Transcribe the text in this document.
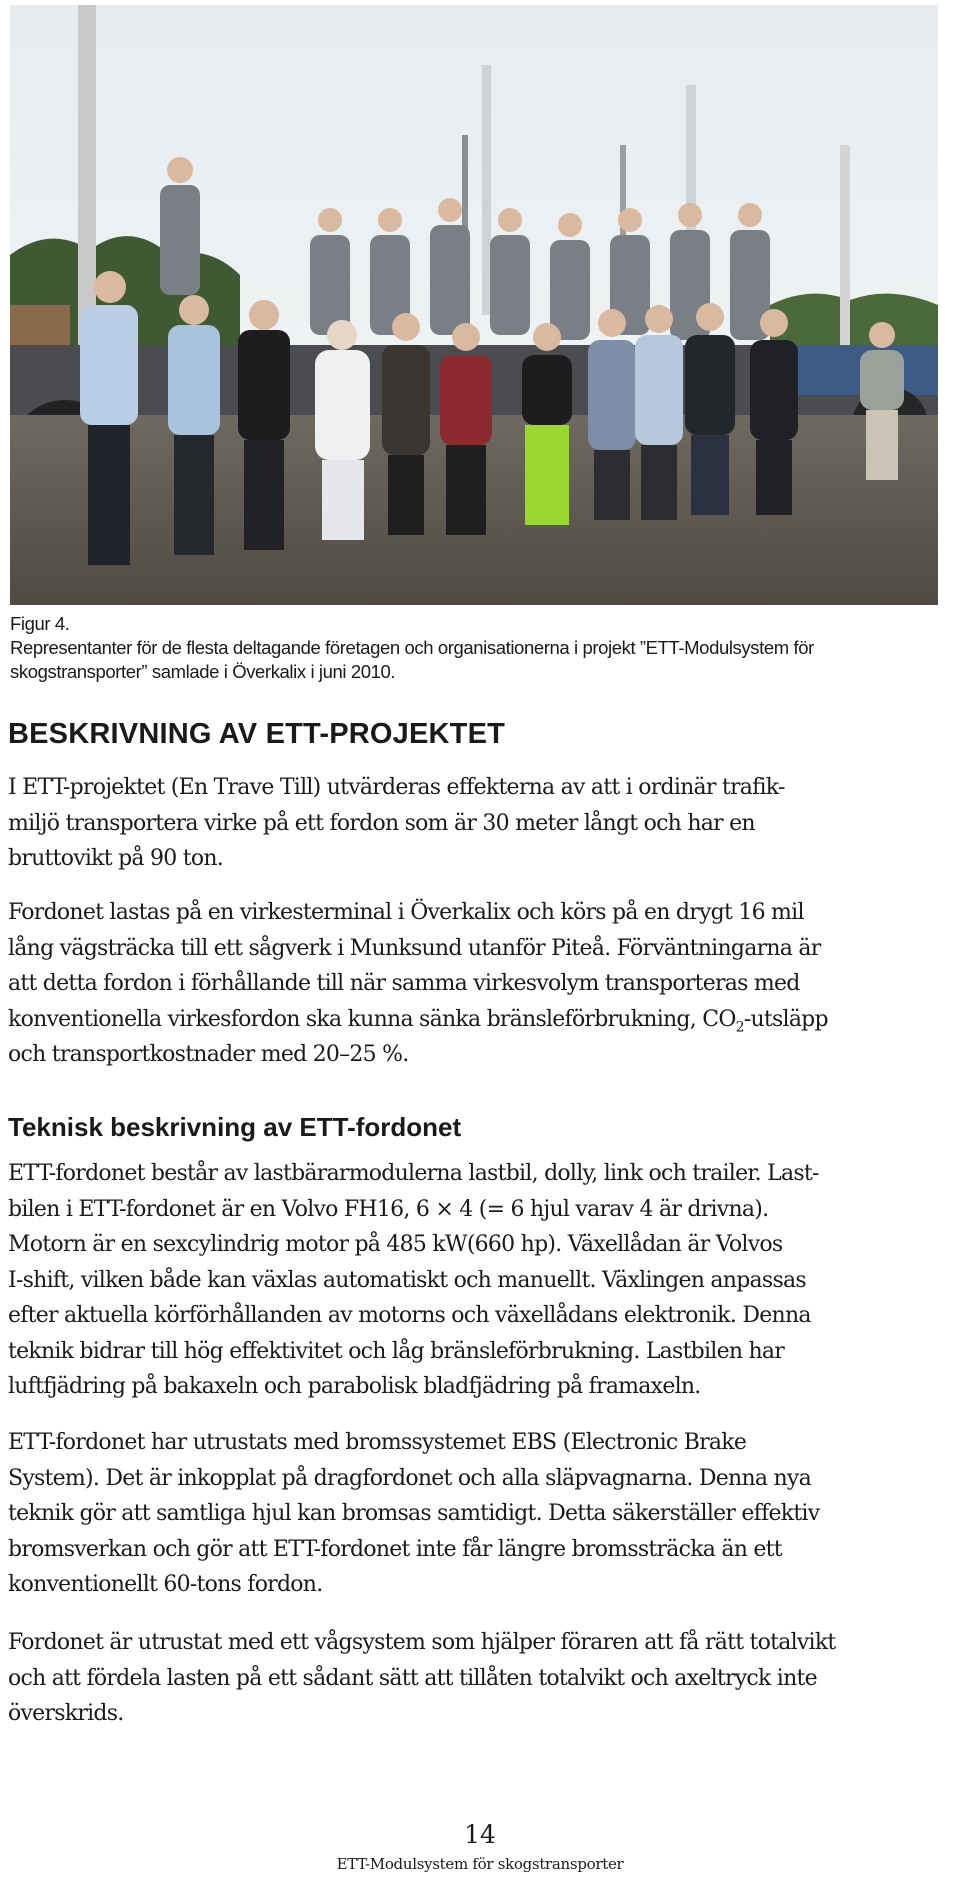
Figur 4.
Representanter för de flesta deltagande företagen och organisationerna i projekt ”ETT-Modulsystem för
skogstransporter” samlade i Överkalix i juni 2010.
BESKRIVNING AV ETT-PROJEKTET
I ETT-projektet (En Trave Till) utvärderas effekterna av att i ordinär trafik-
miljö transportera virke på ett fordon som är 30 meter långt och har en
bruttovikt på 90 ton.
Fordonet lastas på en virkesterminal i Överkalix och körs på en drygt 16 mil
lång vägsträcka till ett sågverk i Munksund utanför Piteå. Förväntningarna är
att detta fordon i förhållande till när samma virkesvolym transporteras med
konventionella virkesfordon ska kunna sänka bränsleförbrukning, $CO_2$-utsläpp
och transportkostnader med 20–25 %.
Teknisk beskrivning av ETT-fordonet
ETT-fordonet består av lastbärarmodulerna lastbil, dolly, link och trailer. Last-
bilen i ETT-fordonet är en Volvo FH16, 6 × 4 (= 6 hjul varav 4 är drivna).
Motorn är en sexcylindrig motor på 485 kW(660 hp). Växellådan är Volvos
I-shift, vilken både kan växlas automatiskt och manuellt. Växlingen anpassas
efter aktuella körförhållanden av motorns och växellådans elektronik. Denna
teknik bidrar till hög effektivitet och låg bränsleförbrukning. Lastbilen har
luftfjädring på bakaxeln och parabolisk bladfjädring på framaxeln.
ETT-fordonet har utrustats med bromssystemet EBS (Electronic Brake
System). Det är inkopplat på dragfordonet och alla släpvagnarna. Denna nya
teknik gör att samtliga hjul kan bromsas samtidigt. Detta säkerställer effektiv
bromsverkan och gör att ETT-fordonet inte får längre bromssträcka än ett
konventionellt 60-tons fordon.
Fordonet är utrustat med ett vågsystem som hjälper föraren att få rätt totalvikt
och att fördela lasten på ett sådant sätt att tillåten totalvikt och axeltryck inte
överskrids.
14
ETT-Modulsystem för skogstransporter
